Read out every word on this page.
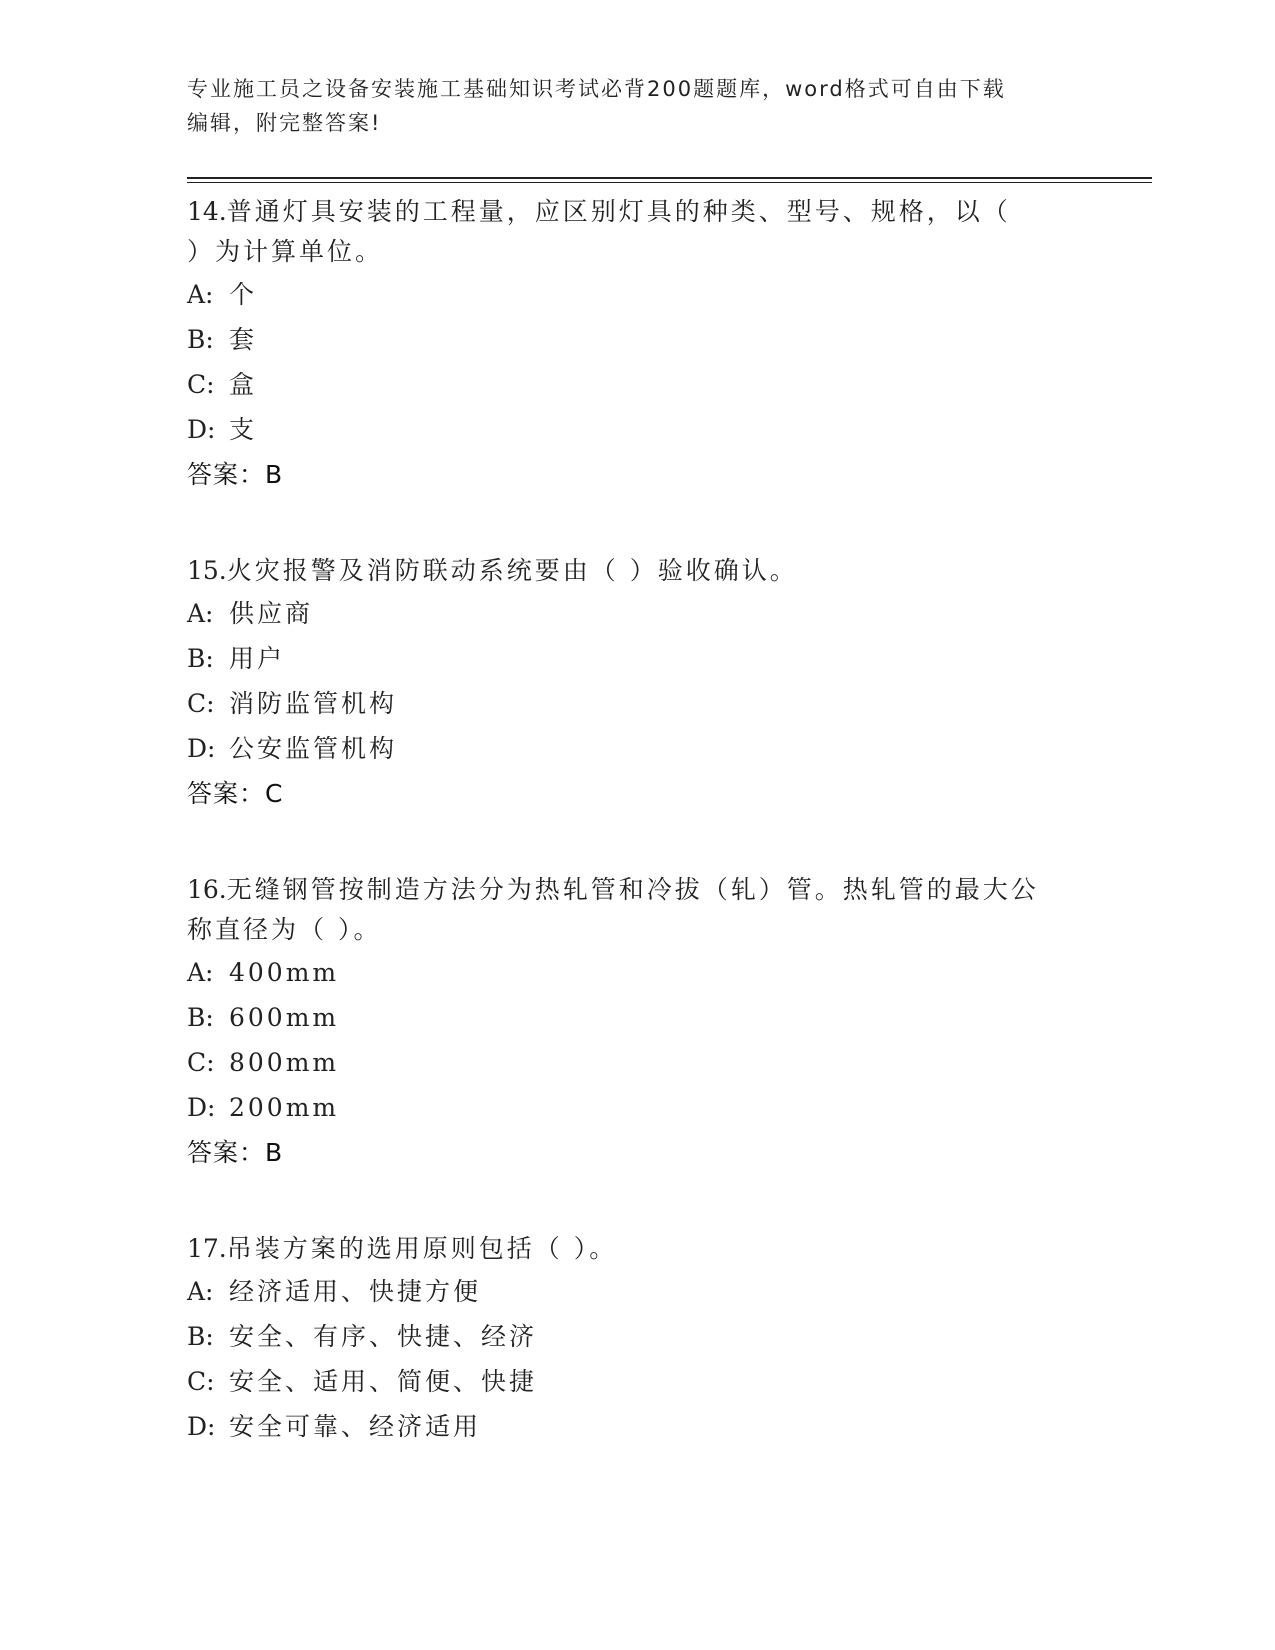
专业施工员之设备安装施工基础知识考试必背200题题库，word格式可自由下载
编辑，附完整答案!
14.普通灯具安装的工程量，应区别灯具的种类、型号、规格，以（
）为计算单位。
A: 个
B: 套
C: 盒
D: 支
答案：B
15.火灾报警及消防联动系统要由（ ）验收确认。
A: 供应商
B: 用户
C: 消防监管机构
D: 公安监管机构
答案：C
16.无缝钢管按制造方法分为热轧管和冷拔（轧）管。热轧管的最大公
称直径为（ ）。
A: 400mm
B: 600mm
C: 800mm
D: 200mm
答案：B
17.吊装方案的选用原则包括（ ）。
A: 经济适用、快捷方便
B: 安全、有序、快捷、经济
C: 安全、适用、简便、快捷
D: 安全可靠、经济适用
